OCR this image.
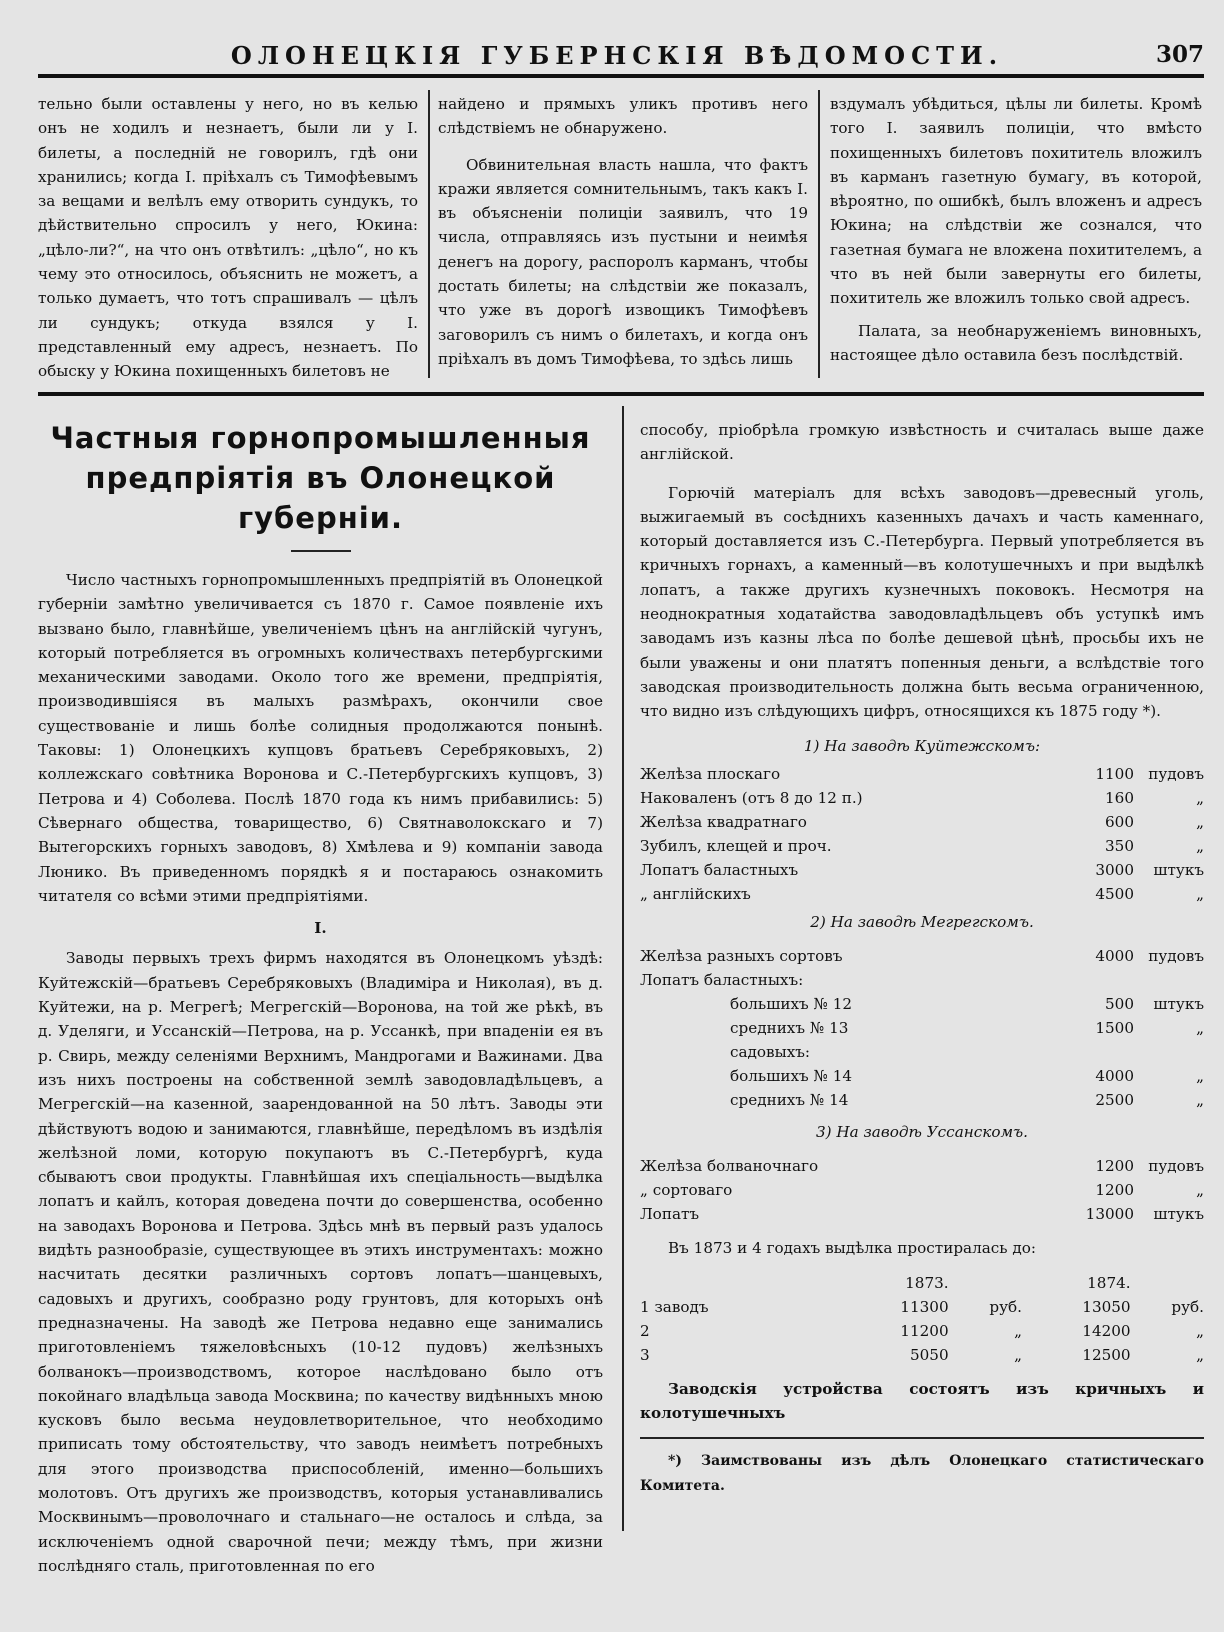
ОЛОНЕЦКІЯ ГУБЕРНСКІЯ ВѢДОМОСТИ.	307

тельно были оставлены у него, но въ келью онъ не ходилъ и незнаетъ, были ли у I. билеты, а последній не говорилъ, гдѣ они хранились; когда I. пріѣхалъ съ Тимофѣевымъ за вещами и велѣлъ ему отворить сундукъ, то дѣйствительно спросилъ у него, Юкина: „цѣло-ли?“, на что онъ отвѣтилъ: „цѣло“, но къ чему это относилось, объяснить не можетъ, а только думаетъ, что тотъ спрашивалъ — цѣлъ ли сундукъ; откуда взялся у I. представленный ему адресъ, незнаетъ. По обыску у Юкина похищенныхъ билетовъ не

найдено и прямыхъ уликъ противъ него слѣдствіемъ не обнаружено.

Обвинительная власть нашла, что фактъ кражи является сомнительнымъ, такъ какъ I. въ объясненіи полиціи заявилъ, что 19 числа, отправляясь изъ пустыни и неимѣя денегъ на дорогу, распоролъ карманъ, чтобы достать билеты; на слѣдствіи же показалъ, что уже въ дорогѣ извощикъ Тимофѣевъ заговорилъ съ нимъ о билетахъ, и когда онъ пріѣхалъ въ домъ Тимофѣева, то здѣсь лишь

вздумалъ убѣдиться, цѣлы ли билеты. Кромѣ того I. заявилъ полиціи, что вмѣсто похищенныхъ билетовъ похититель вложилъ въ карманъ газетную бумагу, въ которой, вѣроятно, по ошибкѣ, былъ вложенъ и адресъ Юкина; на слѣдствіи же сознался, что газетная бумага не вложена похитителемъ, а что въ ней были завернуты его билеты, похититель же вложилъ только свой адресъ.

Палата, за необнаруженіемъ виновныхъ, настоящее дѣло оставила безъ послѣдствій.

Частныя горнопромышленныя предпріятія въ Олонецкой губерніи.

Число частныхъ горнопромышленныхъ предпріятій въ Олонецкой губерніи замѣтно увеличивается съ 1870 г. Самое появленіе ихъ вызвано было, главнѣйше, увеличеніемъ цѣнъ на англійскій чугунъ, который потребляется въ огромныхъ количествахъ петербургскими механическими заводами. Около того же времени, предпріятія, производившіяся въ малыхъ размѣрахъ, окончили свое существованіе и лишь болѣе солидныя продолжаются понынѣ. Таковы: 1) Олонецкихъ купцовъ братьевъ Серебряковыхъ, 2) коллежскаго совѣтника Воронова и С.-Петербургскихъ купцовъ, 3) Петрова и 4) Соболева. Послѣ 1870 года къ нимъ прибавились: 5) Сѣвернаго общества, товарищество, 6) Святнаволокскаго и 7) Вытегорскихъ горныхъ заводовъ, 8) Хмѣлева и 9) компаніи завода Люнико. Въ приведенномъ порядкѣ я и постараюсь ознакомить читателя со всѣми этими предпріятіями.

I.

Заводы первыхъ трехъ фирмъ находятся въ Олонецкомъ уѣздѣ: Куйтежскій—братьевъ Серебряковыхъ (Владиміра и Николая), въ д. Куйтежи, на р. Мегрегѣ; Мегрегскій—Воронова, на той же рѣкѣ, въ д. Уделяги, и Уссанскій—Петрова, на р. Уссанкѣ, при впаденіи ея въ р. Свирь, между селеніями Верхнимъ, Мандрогами и Важинами. Два изъ нихъ построены на собственной землѣ заводовладѣльцевъ, а Мегрегскій—на казенной, заарендованной на 50 лѣтъ. Заводы эти дѣйствуютъ водою и занимаются, главнѣйше, передѣломъ въ издѣлія желѣзной ломи, которую покупаютъ въ С.-Петербургѣ, куда сбываютъ свои продукты. Главнѣйшая ихъ спеціальность—выдѣлка лопатъ и кайлъ, которая доведена почти до совершенства, особенно на заводахъ Воронова и Петрова. Здѣсь мнѣ въ первый разъ удалось видѣть разнообразіе, существующее въ этихъ инструментахъ: можно насчитать десятки различныхъ сортовъ лопатъ—шанцевыхъ, садовыхъ и другихъ, сообразно роду грунтовъ, для которыхъ онѣ предназначены. На заводѣ же Петрова недавно еще занимались приготовленіемъ тяжеловѣсныхъ (10-12 пудовъ) желѣзныхъ болванокъ—производствомъ, которое наслѣдовано было отъ покойнаго владѣльца завода Москвина; по качеству видѣнныхъ мною кусковъ было весьма неудовлетворительное, что необходимо приписать тому обстоятельству, что заводъ неимѣетъ потребныхъ для этого производства приспособленій, именно—большихъ молотовъ. Отъ другихъ же производствъ, которыя устанавливались Москвинымъ—проволочнаго и стальнаго—не осталось и слѣда, за исключеніемъ одной сварочной печи; между тѣмъ, при жизни послѣдняго сталь, приготовленная по его

способу, пріобрѣла громкую извѣстность и считалась выше даже англійской.

Горючій матеріалъ для всѣхъ заводовъ—древесный уголь, выжигаемый въ сосѣднихъ казенныхъ дачахъ и часть каменнаго, который доставляется изъ С.-Петербурга. Первый употребляется въ кричныхъ горнахъ, а каменный—въ колотушечныхъ и при выдѣлкѣ лопатъ, а также другихъ кузнечныхъ поковокъ. Несмотря на неоднократныя ходатайства заводовладѣльцевъ объ уступкѣ имъ заводамъ изъ казны лѣса по болѣе дешевой цѣнѣ, просьбы ихъ не были уважены и они платятъ попенныя деньги, а вслѣдствіе того заводская производительность должна быть весьма ограниченною, что видно изъ слѣдующихъ цифръ, относящихся къ 1875 году *).

1) На заводѣ Куйтежскомъ:
Желѣза плоскаго	1100	пудовъ
Наковаленъ (отъ 8 до 12 п.)	160	„
Желѣза квадратнаго	600	„
Зубилъ, клещей и проч.	350	„
Лопатъ баластныхъ	3000	штукъ
„ англійскихъ	4500	„
2) На заводѣ Мегрегскомъ.
Желѣза разныхъ сортовъ	4000	пудовъ
Лопатъ баластныхъ:		
большихъ № 12	500	штукъ
среднихъ № 13	1500	„
садовыхъ:		
большихъ № 14	4000	„
среднихъ № 14	2500	„
3) На заводѣ Уссанскомъ.
Желѣза болваночнаго	1200	пудовъ
„ сортоваго	1200	„
Лопатъ	13000	штукъ

Въ 1873 и 4 годахъ выдѣлка простиралась до:

	1873.		1874.	
1 заводъ	11300	руб.	13050	руб.
2	11200	„	14200	„
3	5050	„	12500	„

Заводскія устройства состоятъ изъ кричныхъ и колотушечныхъ

*) Заимствованы изъ дѣлъ Олонецкаго статистическаго Комитета.
